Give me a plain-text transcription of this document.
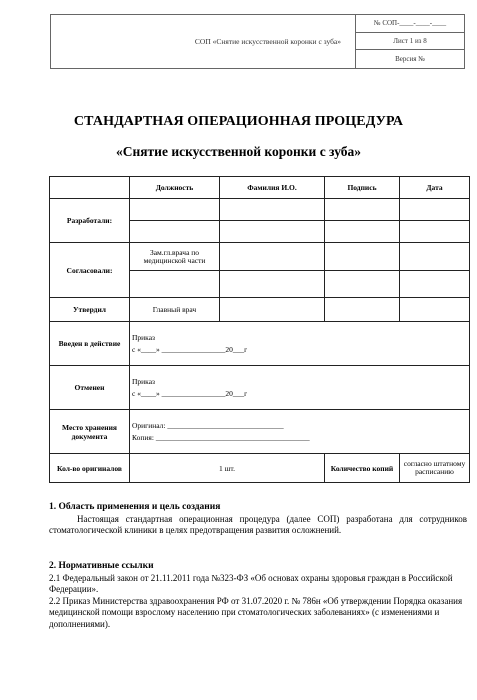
СОП «Снятие искусственной коронки с зуба»
№ СОП-____-____-____
Лист 1 из 8
Версия №
СТАНДАРТНАЯ ОПЕРАЦИОННАЯ ПРОЦЕДУРА
«Снятие искусственной коронки с зуба»
	Должность	Фамилия И.О.	Подпись	Дата
Разработали:				

Согласовали:	Зам.гл.врача по медицинской части			

Утвердил	Главный врач			
Введен в действие	Приказ
с «____» _________________20___г			

Отменен	Приказ
с «____» _________________20___г			

Место хранения документа	Оригинал: _______________________________
Копия: _________________________________________			

Кол-во оригиналов	1 шт.		Количество копий	согласно штатному расписанию
1. Область применения и цель создания
Настоящая стандартная операционная процедура (далее СОП) разработана для сотрудников стоматологической клиники в целях предотвращения развития осложнений.
2. Нормативные ссылки
2.1 Федеральный закон от 21.11.2011 года №323-ФЗ «Об основах охраны здоровья граждан в Российской Федерации».
2.2 Приказ Министерства здравоохранения РФ от 31.07.2020 г. № 786н «Об утверждении Порядка оказания медицинской помощи взрослому населению при стоматологических заболеваниях» (с изменениями и дополнениями).
